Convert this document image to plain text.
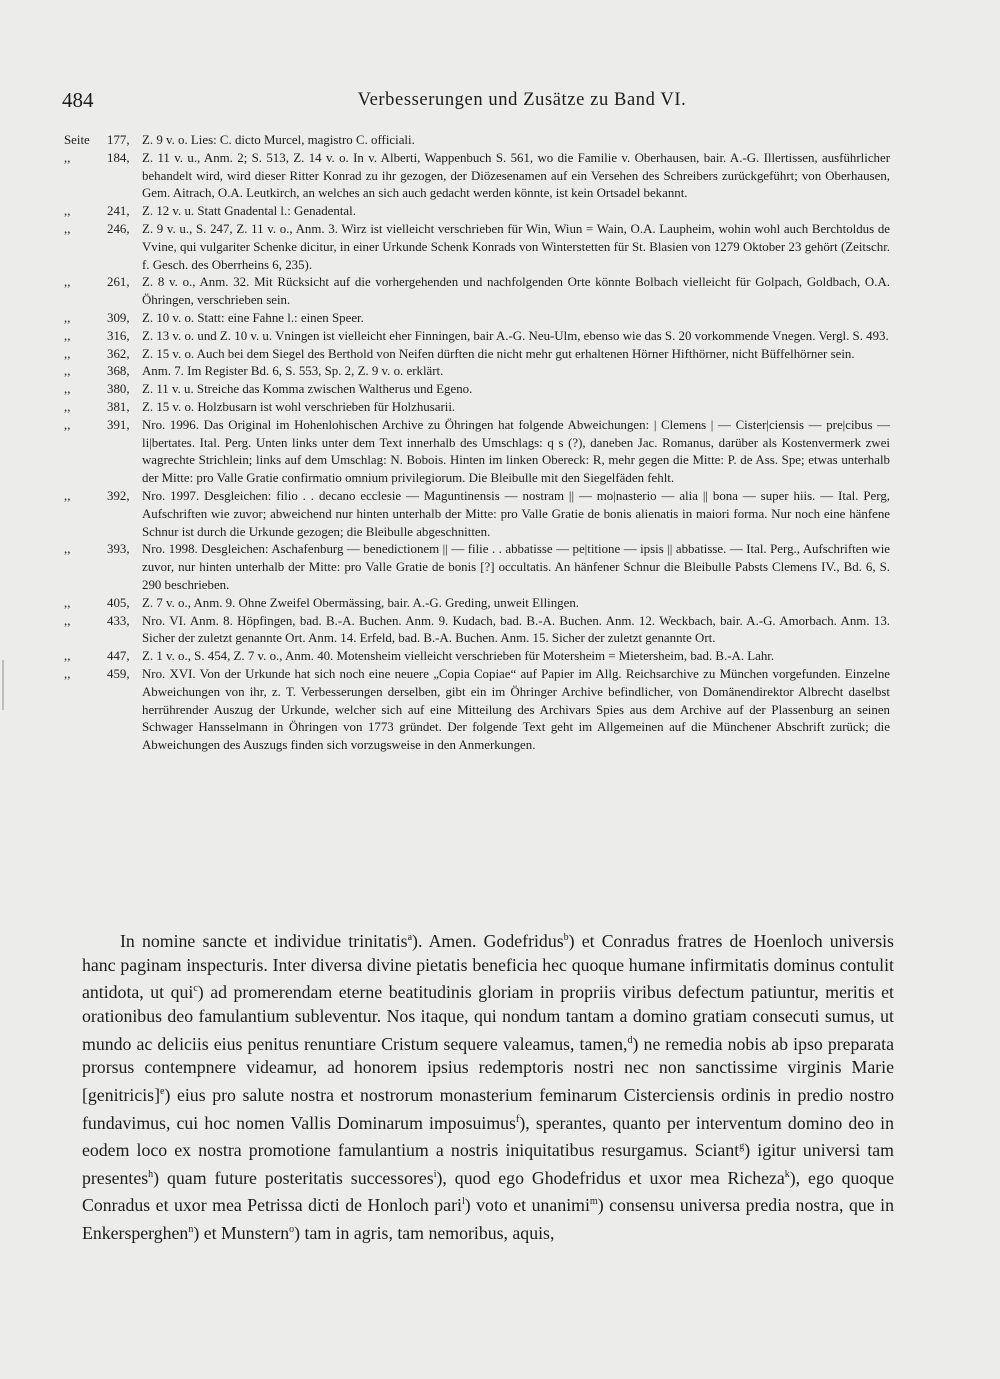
484	Verbesserungen und Zusätze zu Band VI.
Seite 177, Z. 9 v. o. Lies: C. dicto Murcel, magistro C. officiali.
,,	184, Z. 11 v. u., Anm. 2; S. 513, Z. 14 v. o. In v. Alberti, Wappenbuch S. 561, wo die Familie v. Oberhausen, bair. A.-G. Illertissen, ausführlicher behandelt wird, wird dieser Ritter Konrad zu ihr gezogen, der Diözesenamen auf ein Versehen des Schreibers zurückgeführt; von Oberhausen, Gem. Aitrach, O.A. Leutkirch, an welches an sich auch gedacht werden könnte, ist kein Ortsadel bekannt.
,,	241, Z. 12 v. u. Statt Gnadental l.: Genadental.
,,	246, Z. 9 v. u., S. 247, Z. 11 v. o., Anm. 3. Wirz ist vielleicht verschrieben für Win, Wiun = Wain, O.A. Laupheim, wohin wohl auch Berchtoldus de Vvine, qui vulgariter Schenke dicitur, in einer Urkunde Schenk Konrads von Winterstetten für St. Blasien von 1279 Oktober 23 gehört (Zeitschr. f. Gesch. des Oberrheins 6, 235).
,,	261, Z. 8 v. o., Anm. 32. Mit Rücksicht auf die vorhergehenden und nachfolgenden Orte könnte Bolbach vielleicht für Golpach, Goldbach, O.A. Öhringen, verschrieben sein.
,,	309, Z. 10 v. o. Statt: eine Fahne l.: einen Speer.
,,	316, Z. 13 v. o. und Z. 10 v. u. Vningen ist vielleicht eher Finningen, bair A.-G. Neu-Ulm, ebenso wie das S. 20 vorkommende Vnegen. Vergl. S. 493.
,,	362, Z. 15 v. o. Auch bei dem Siegel des Berthold von Neifen dürften die nicht mehr gut erhaltenen Hörner Hifthörner, nicht Büffelhörner sein.
,,	368, Anm. 7. Im Register Bd. 6, S. 553, Sp. 2, Z. 9 v. o. erklärt.
,,	380, Z. 11 v. u. Streiche das Komma zwischen Waltherus und Egeno.
,,	381, Z. 15 v. o. Holzbusarn ist wohl verschrieben für Holzhusarii.
,,	391, Nro. 1996. Das Original im Hohenlohischen Archive zu Öhringen hat folgende Abweichungen: | Clemens | — Cister|ciensis — pre|cibus — li|bertates. Ital. Perg. Unten links unter dem Text innerhalb des Umschlags: q s (?), daneben Jac. Romanus, darüber als Kostenvermerk zwei wagrechte Strichlein; links auf dem Umschlag: N. Bobois. Hinten im linken Obereck: R, mehr gegen die Mitte: P. de Ass. Spe; etwas unterhalb der Mitte: pro Valle Gratie confirmatio omnium privilegiorum. Die Bleibulle mit den Siegelfäden fehlt.
,,	392, Nro. 1997. Desgleichen: filio . . decano ecclesie — Maguntinensis — nostram || — mo|nasterio — alia || bona — super hiis. — Ital. Perg, Aufschriften wie zuvor; abweichend nur hinten unterhalb der Mitte: pro Valle Gratie de bonis alienatis in maiori forma. Nur noch eine hänfene Schnur ist durch die Urkunde gezogen; die Bleibulle abgeschnitten.
,,	393, Nro. 1998. Desgleichen: Aschafenburg — benedictionem || — filie . . abbatisse — pe|titione — ipsis || abbatisse. — Ital. Perg., Aufschriften wie zuvor, nur hinten unterhalb der Mitte: pro Valle Gratie de bonis [?] occultatis. An hänfener Schnur die Bleibulle Pabsts Clemens IV., Bd. 6, S. 290 beschrieben.
,,	405, Z. 7 v. o., Anm. 9. Ohne Zweifel Obermässing, bair. A.-G. Greding, unweit Ellingen.
,,	433, Nro. VI. Anm. 8. Höpfingen, bad. B.-A. Buchen. Anm. 9. Kudach, bad. B.-A. Buchen. Anm. 12. Weckbach, bair. A.-G. Amorbach. Anm. 13. Sicher der zuletzt genannte Ort. Anm. 14. Erfeld, bad. B.-A. Buchen. Anm. 15. Sicher der zuletzt genannte Ort.
,,	447, Z. 1 v. o., S. 454, Z. 7 v. o., Anm. 40. Motensheim vielleicht verschrieben für Motersheim = Mietersheim, bad. B.-A. Lahr.
,,	459, Nro. XVI. Von der Urkunde hat sich noch eine neuere „Copia Copiae“ auf Papier im Allg. Reichsarchive zu München vorgefunden. Einzelne Abweichungen von ihr, z. T. Verbesserungen derselben, gibt ein im Öhringer Archive befindlicher, von Domänendirektor Albrecht daselbst herrührender Auszug der Urkunde, welcher sich auf eine Mitteilung des Archivars Spies aus dem Archive auf der Plassenburg an seinen Schwager Hansselmann in Öhringen von 1773 gründet. Der folgende Text geht im Allgemeinen auf die Münchener Abschrift zurück; die Abweichungen des Auszugs finden sich vorzugsweise in den Anmerkungen.

In nomine sancte et individue trinitatis$^a$). Amen. Godefridus$^b$) et Conradus fratres de Hoenloch universis hanc paginam inspecturis. Inter diversa divine pietatis beneficia hec quoque humane infirmitatis dominus contulit antidota, ut qui$^c$) ad promerendam eterne beatitudinis gloriam in propriis viribus defectum patiuntur, meritis et orationibus deo famulantium subleventur. Nos itaque, qui nondum tantam a domino gratiam consecuti sumus, ut mundo ac deliciis eius penitus renuntiare Cristum sequere valeamus, tamen,$^d$) ne remedia nobis ab ipso preparata prorsus contempnere videamur, ad honorem ipsius redemptoris nostri nec non sanctissime virginis Marie [genitricis]$^e$) eius pro salute nostra et nostrorum monasterium feminarum Cisterciensis ordinis in predio nostro fundavimus, cui hoc nomen Vallis Dominarum imposuimus$^f$), sperantes, quanto per interventum domino deo in eodem loco ex nostra promotione famulantium a nostris iniquitatibus resurgamus. Sciant$^g$) igitur universi tam presentes$^h$) quam future posteritatis successores$^i$), quod ego Ghodefridus et uxor mea Richeza$^k$), ego quoque Conradus et uxor mea Petrissa dicti de Honloch pari$^l$) voto et unanimi$^m$) consensu universa predia nostra, que in Enkersperghen$^n$) et Munstern$^o$) tam in agris, tam nemoribus, aquis,
